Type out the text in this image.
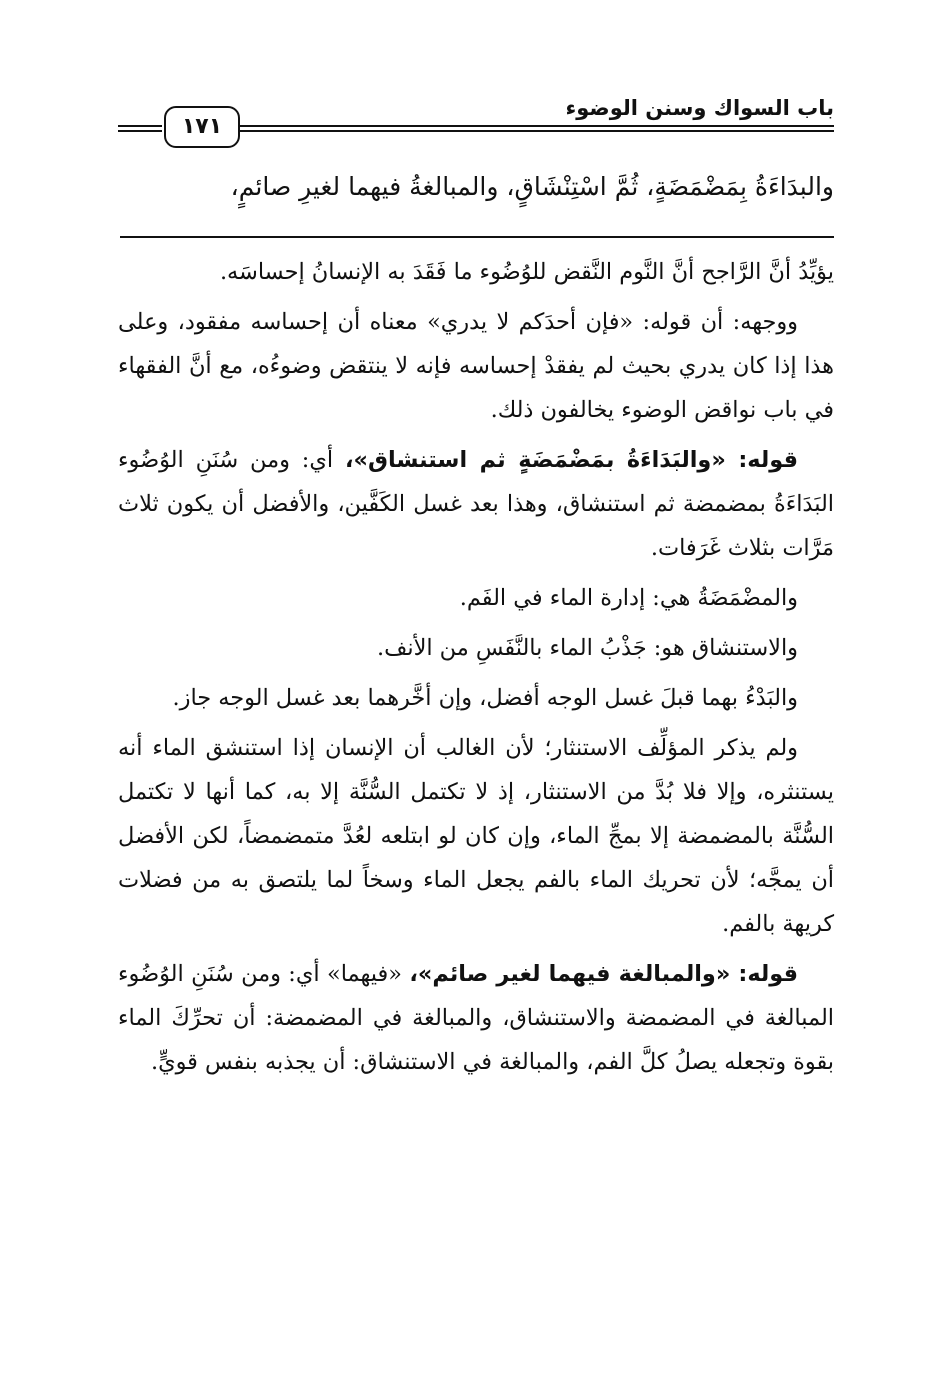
١٧١
باب السواك وسنن الوضوء
والبدَاءَةُ بِمَضْمَضَةٍ، ثُمَّ اسْتِنْشَاقٍ، والمبالغةُ فيهما لغيرِ صائمٍ،

يؤيِّدُ أنَّ الرَّاجح أنَّ النَّوم النَّقض للوُضُوء ما فَقَدَ به الإنسانُ إحساسَه.

ووجهه: أن قوله: «فإن أحدَكم لا يدري» معناه أن إحساسه مفقود، وعلى هذا إذا كان يدري بحيث لم يفقدْ إحساسه فإنه لا ينتقض وضوءُه، مع أنَّ الفقهاء في باب نواقض الوضوء يخالفون ذلك.

قوله: «والبَدَاءَةُ بمَضْمَضَةٍ ثم استنشاق»، أي: ومن سُنَنِ الوُضُوء البَدَاءَةُ بمضمضة ثم استنشاق، وهذا بعد غسل الكَفَّين، والأفضل أن يكون ثلاث مَرَّات بثلاث غَرَفات.

والمضْمَضَةُ هي: إدارة الماء في الفَم.

والاستنشاق هو: جَذْبُ الماء بالنَّفَسِ من الأنف.

والبَدْءُ بهما قبلَ غسل الوجه أفضل، وإن أخَّرهما بعد غسل الوجه جاز.

ولم يذكر المؤلِّف الاستنثار؛ لأن الغالب أن الإنسان إذا استنشق الماء أنه يستنثره، وإلا فلا بُدَّ من الاستنثار، إذ لا تكتمل السُّنَّة إلا به، كما أنها لا تكتمل السُّنَّة بالمضمضة إلا بمجِّ الماء، وإن كان لو ابتلعه لعُدَّ متمضمضاً، لكن الأفضل أن يمجَّه؛ لأن تحريك الماء بالفم يجعل الماء وسخاً لما يلتصق به من فضلات كريهة بالفم.

قوله: «والمبالغة فيهما لغير صائم»، «فيهما» أي: ومن سُنَنِ الوُضُوء المبالغة في المضمضة والاستنشاق، والمبالغة في المضمضة: أن تحرِّكَ الماء بقوة وتجعله يصلُ كلَّ الفم، والمبالغة في الاستنشاق: أن يجذبه بنفس قويٍّ.
